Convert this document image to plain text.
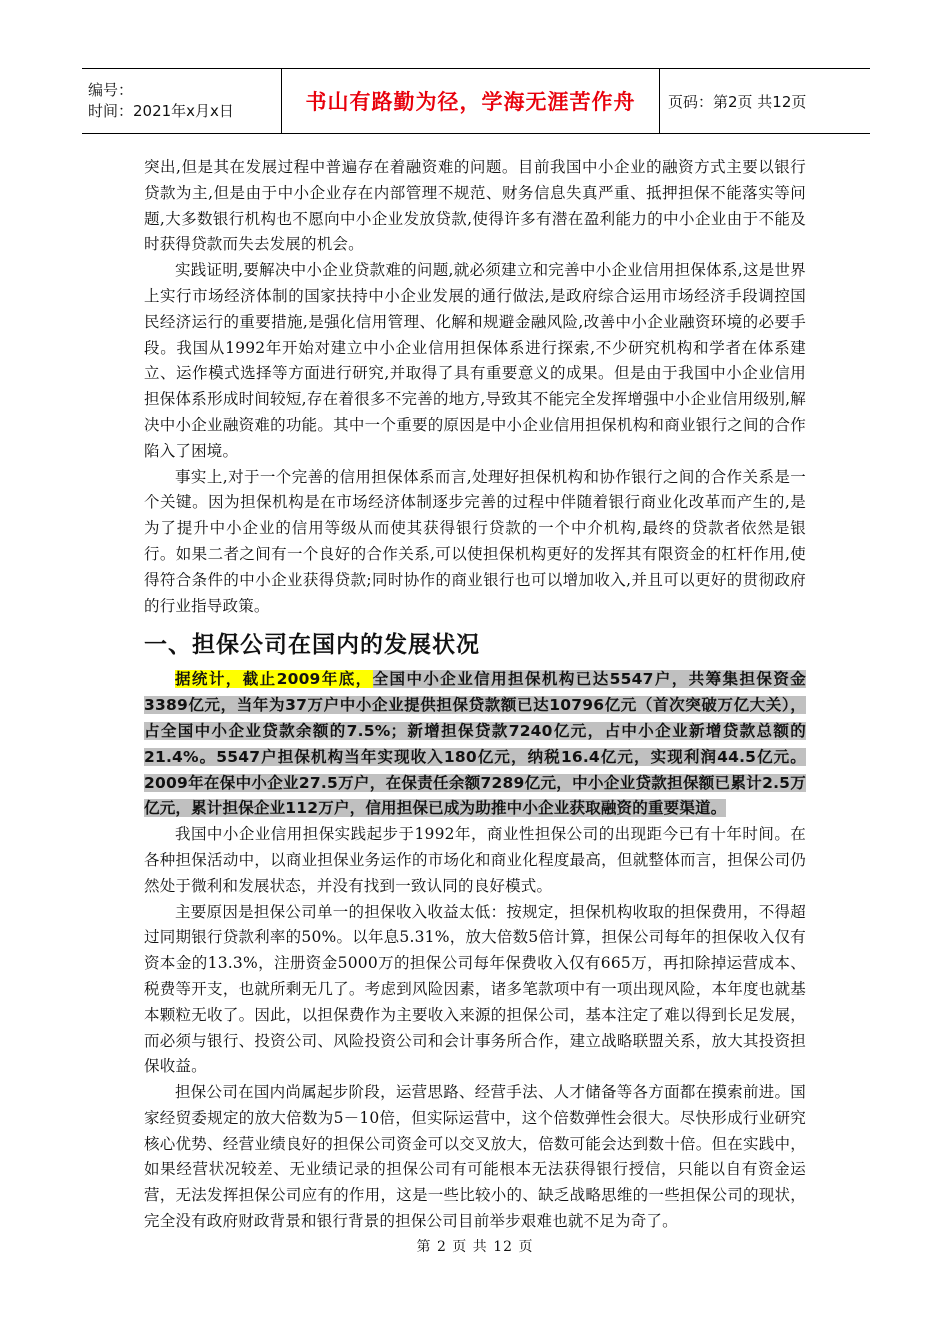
编号：
时间：2021年x月x日	书山有路勤为径，学海无涯苦作舟 页码：第2页 共12页

突出,但是其在发展过程中普遍存在着融资难的问题。目前我国中小企业的融资方式主要以银行贷款为主,但是由于中小企业存在内部管理不规范、财务信息失真严重、抵押担保不能落实等问题,大多数银行机构也不愿向中小企业发放贷款,使得许多有潜在盈利能力的中小企业由于不能及时获得贷款而失去发展的机会。

实践证明,要解决中小企业贷款难的问题,就必须建立和完善中小企业信用担保体系,这是世界上实行市场经济体制的国家扶持中小企业发展的通行做法,是政府综合运用市场经济手段调控国民经济运行的重要措施,是强化信用管理、化解和规避金融风险,改善中小企业融资环境的必要手段。我国从1992年开始对建立中小企业信用担保体系进行探索,不少研究机构和学者在体系建立、运作模式选择等方面进行研究,并取得了具有重要意义的成果。但是由于我国中小企业信用担保体系形成时间较短,存在着很多不完善的地方,导致其不能完全发挥增强中小企业信用级别,解决中小企业融资难的功能。其中一个重要的原因是中小企业信用担保机构和商业银行之间的合作陷入了困境。

事实上,对于一个完善的信用担保体系而言,处理好担保机构和协作银行之间的合作关系是一个关键。因为担保机构是在市场经济体制逐步完善的过程中伴随着银行商业化改革而产生的,是为了提升中小企业的信用等级从而使其获得银行贷款的一个中介机构,最终的贷款者依然是银行。如果二者之间有一个良好的合作关系,可以使担保机构更好的发挥其有限资金的杠杆作用,使得符合条件的中小企业获得贷款;同时协作的商业银行也可以增加收入,并且可以更好的贯彻政府的行业指导政策。

一、担保公司在国内的发展状况

据统计，截止2009年底，全国中小企业信用担保机构已达5547户，共筹集担保资金3389亿元，当年为37万户中小企业提供担保贷款额已达10796亿元（首次突破万亿大关），占全国中小企业贷款余额的7.5%；新增担保贷款7240亿元，占中小企业新增贷款总额的21.4%。5547户担保机构当年实现收入180亿元，纳税16.4亿元，实现利润44.5亿元。2009年在保中小企业27.5万户，在保责任余额7289亿元，中小企业贷款担保额已累计2.5万亿元，累计担保企业112万户，信用担保已成为助推中小企业获取融资的重要渠道。

我国中小企业信用担保实践起步于1992年，商业性担保公司的出现距今已有十年时间。在各种担保活动中，以商业担保业务运作的市场化和商业化程度最高，但就整体而言，担保公司仍然处于微利和发展状态，并没有找到一致认同的良好模式。

主要原因是担保公司单一的担保收入收益太低：按规定，担保机构收取的担保费用，不得超过同期银行贷款利率的50%。以年息5.31%，放大倍数5倍计算，担保公司每年的担保收入仅有资本金的13.3%，注册资金5000万的担保公司每年保费收入仅有665万，再扣除掉运营成本、税费等开支，也就所剩无几了。考虑到风险因素，诸多笔款项中有一项出现风险，本年度也就基本颗粒无收了。因此，以担保费作为主要收入来源的担保公司，基本注定了难以得到长足发展，而必须与银行、投资公司、风险投资公司和会计事务所合作，建立战略联盟关系，放大其投资担保收益。

担保公司在国内尚属起步阶段，运营思路、经营手法、人才储备等各方面都在摸索前进。国家经贸委规定的放大倍数为5－10倍，但实际运营中，这个倍数弹性会很大。尽快形成行业研究核心优势、经营业绩良好的担保公司资金可以交叉放大，倍数可能会达到数十倍。但在实践中，如果经营状况较差、无业绩记录的担保公司有可能根本无法获得银行授信，只能以自有资金运营，无法发挥担保公司应有的作用，这是一些比较小的、缺乏战略思维的一些担保公司的现状，完全没有政府财政背景和银行背景的担保公司目前举步艰难也就不足为奇了。

第 2 页 共 12 页
